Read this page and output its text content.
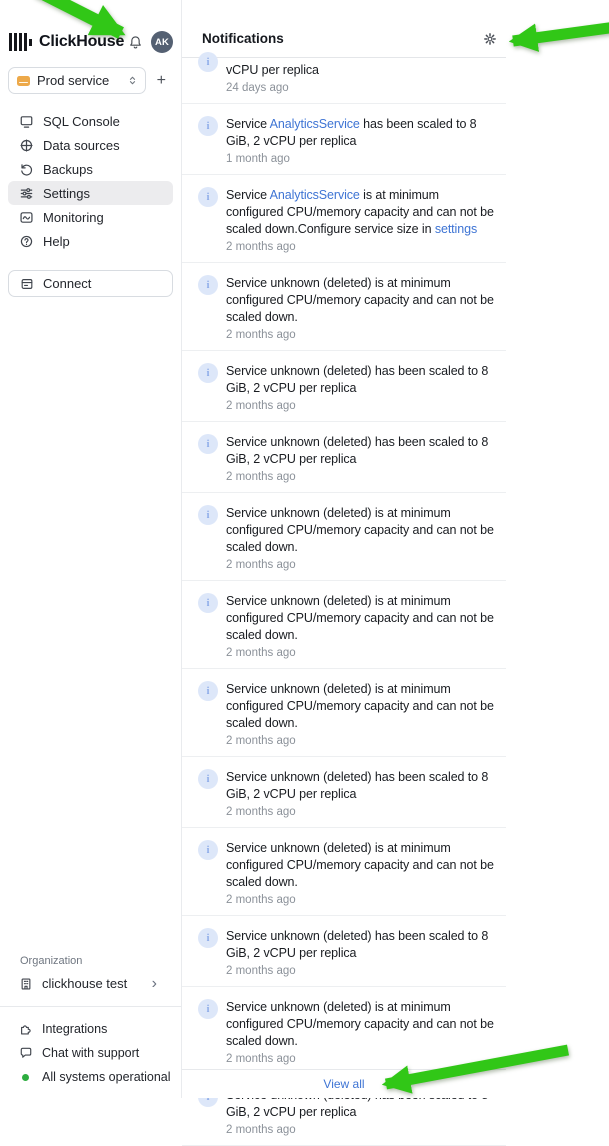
ClickHouse	AK
Prod service	+
SQL Console
Data sources
Backups
Settings
Monitoring
Help
Connect
Organization
clickhouse test ›
Integrations
Chat with support
All systems operational
Notifications
i
vCPU per replica
24 days ago
i	Service AnalyticsService has been scaled to 8 GiB, 2 vCPU per replica
1 month ago
i	Service AnalyticsService is at minimum configured CPU/memory capacity and can not be scaled down.Configure service size in settings
2 months ago
i	Service unknown (deleted) is at minimum configured CPU/memory capacity and can not be scaled down.
2 months ago
i	Service unknown (deleted) has been scaled to 8 GiB, 2 vCPU per replica
2 months ago
i	Service unknown (deleted) has been scaled to 8 GiB, 2 vCPU per replica
2 months ago
i	Service unknown (deleted) is at minimum configured CPU/memory capacity and can not be scaled down.
2 months ago
i	Service unknown (deleted) is at minimum configured CPU/memory capacity and can not be scaled down.
2 months ago
i	Service unknown (deleted) is at minimum configured CPU/memory capacity and can not be scaled down.
2 months ago
i	Service unknown (deleted) has been scaled to 8 GiB, 2 vCPU per replica
2 months ago
i	Service unknown (deleted) is at minimum configured CPU/memory capacity and can not be scaled down.
2 months ago
i	Service unknown (deleted) has been scaled to 8 GiB, 2 vCPU per replica
2 months ago
i	Service unknown (deleted) is at minimum configured CPU/memory capacity and can not be scaled down.
2 months ago
GiB, 2 vCPU per replica
2 months ago
View all
